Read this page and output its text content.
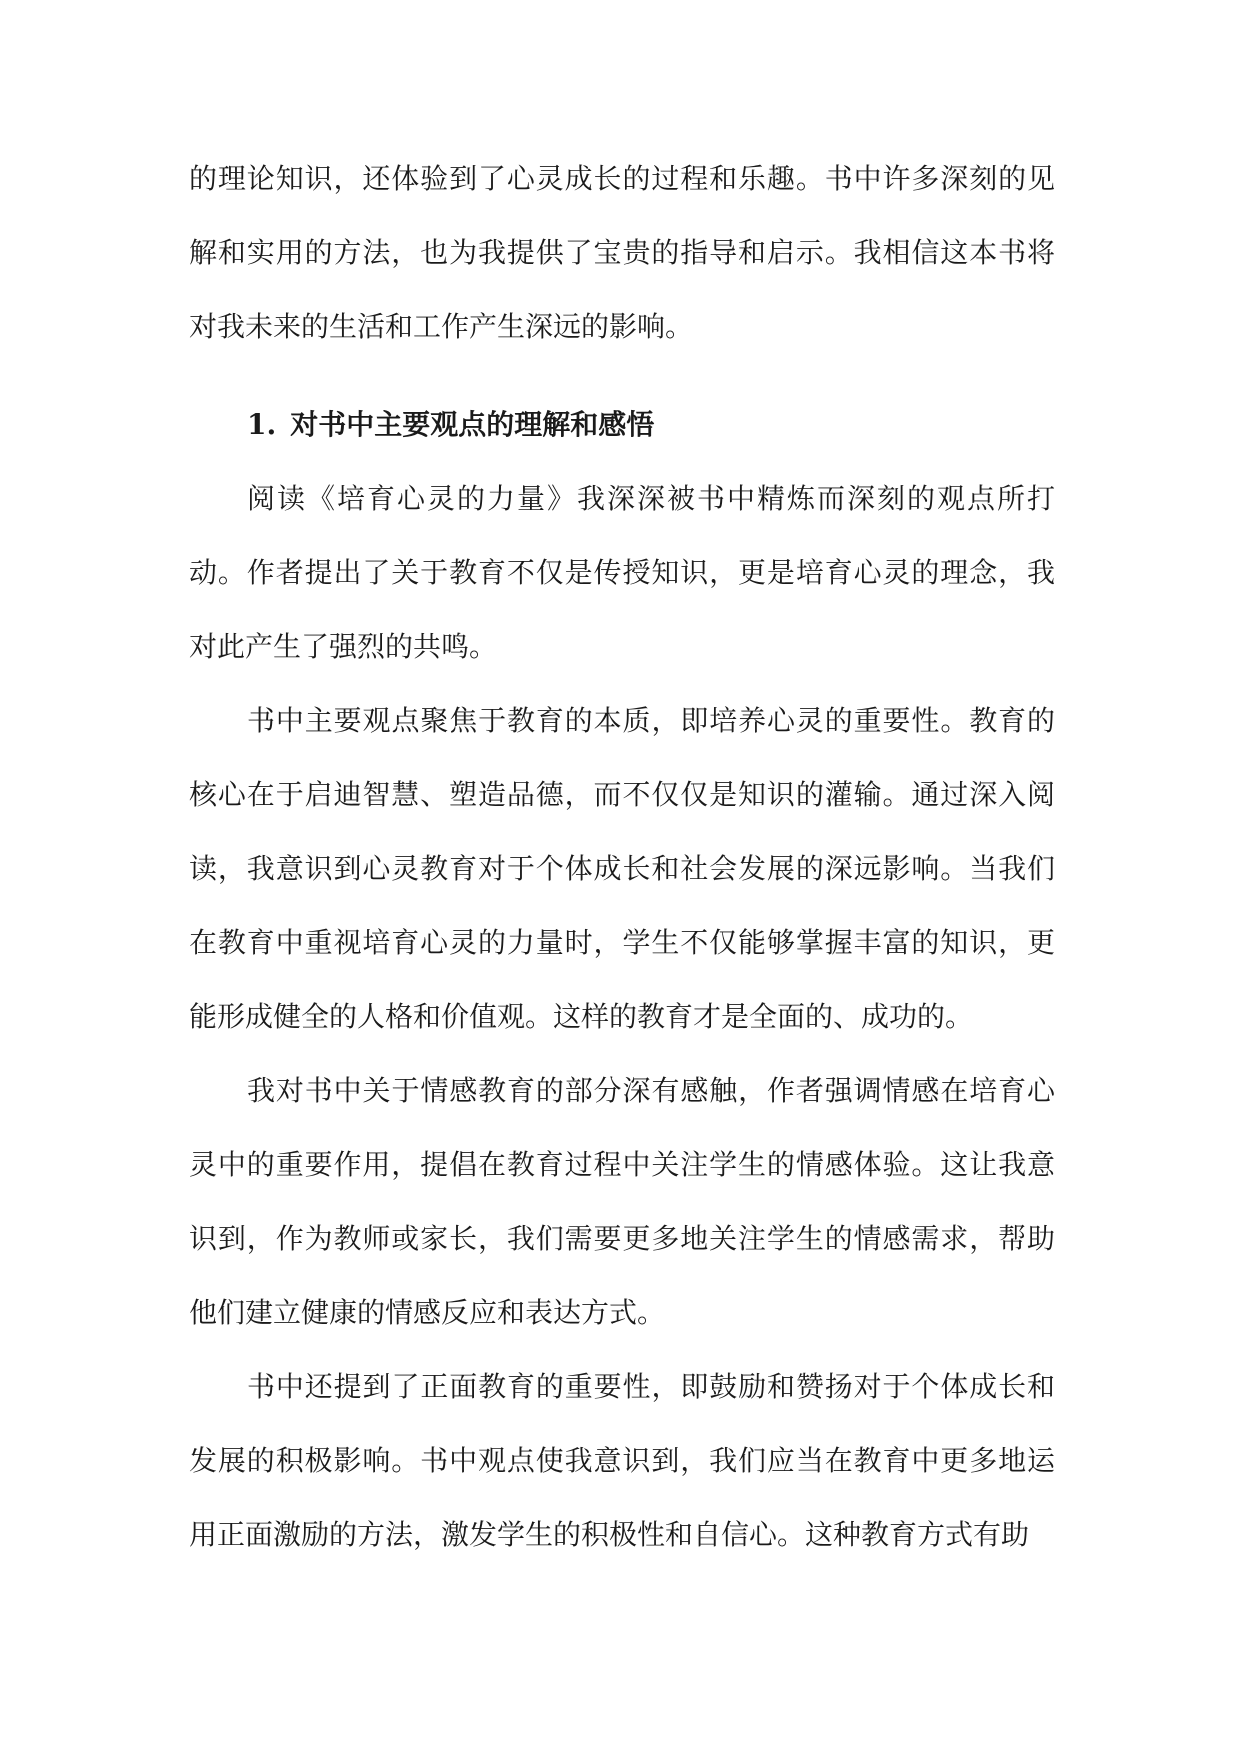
的理论知识，还体验到了心灵成长的过程和乐趣。书中许多深刻的见解和实用的方法，也为我提供了宝贵的指导和启示。我相信这本书将对我未来的生活和工作产生深远的影响。

1. 对书中主要观点的理解和感悟

阅读《培育心灵的力量》我深深被书中精炼而深刻的观点所打动。作者提出了关于教育不仅是传授知识，更是培育心灵的理念，我对此产生了强烈的共鸣。

书中主要观点聚焦于教育的本质，即培养心灵的重要性。教育的核心在于启迪智慧、塑造品德，而不仅仅是知识的灌输。通过深入阅读，我意识到心灵教育对于个体成长和社会发展的深远影响。当我们在教育中重视培育心灵的力量时，学生不仅能够掌握丰富的知识，更能形成健全的人格和价值观。这样的教育才是全面的、成功的。

我对书中关于情感教育的部分深有感触，作者强调情感在培育心灵中的重要作用，提倡在教育过程中关注学生的情感体验。这让我意识到，作为教师或家长，我们需要更多地关注学生的情感需求，帮助他们建立健康的情感反应和表达方式。

书中还提到了正面教育的重要性，即鼓励和赞扬对于个体成长和发展的积极影响。书中观点使我意识到，我们应当在教育中更多地运用正面激励的方法，激发学生的积极性和自信心。这种教育方式有助
